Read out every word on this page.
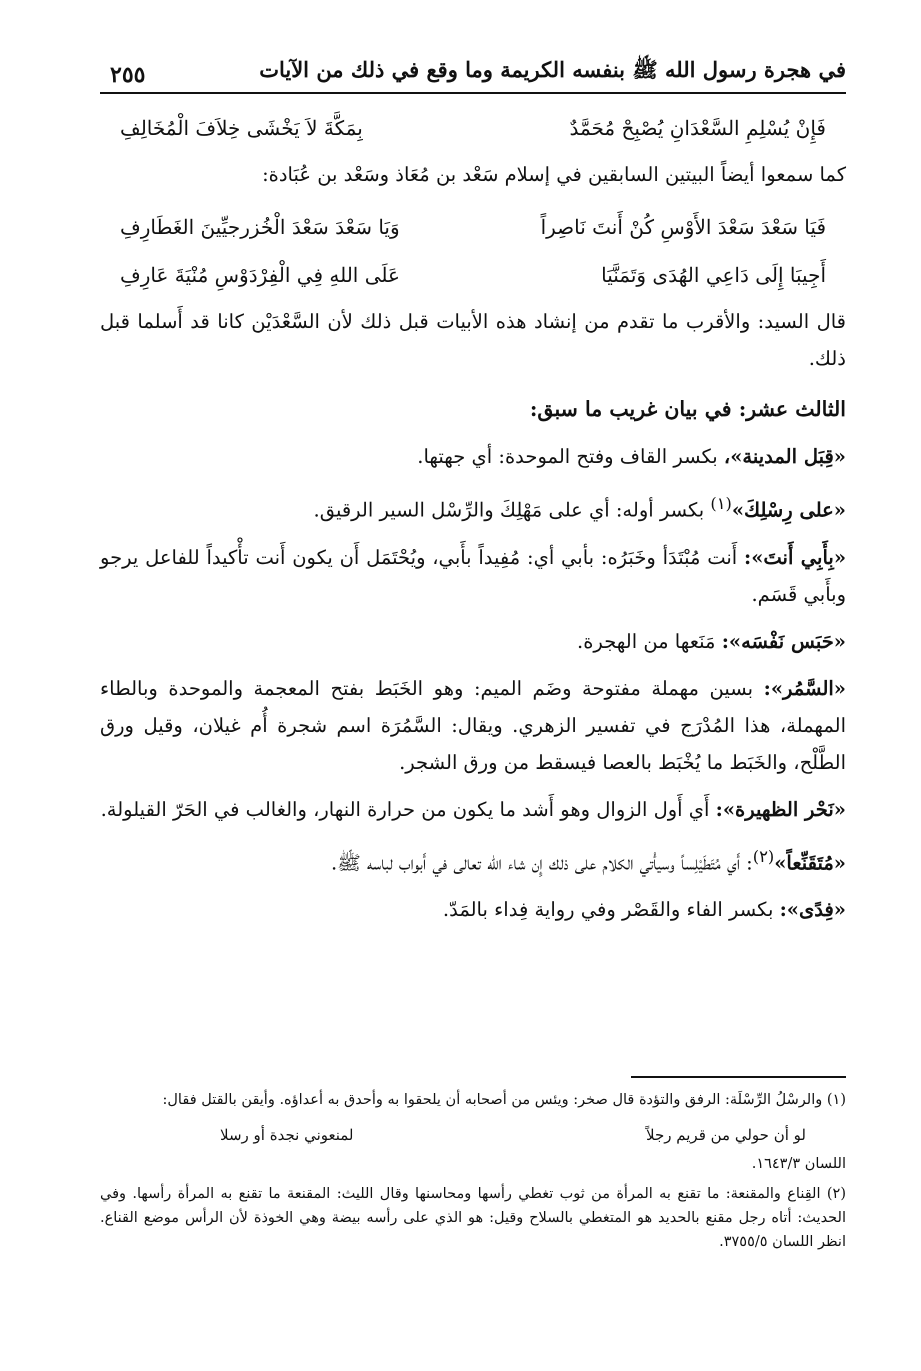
٢٥٥	في هجرة رسول الله ﷺ بنفسه الكريمة وما وقع في ذلك من الآيات
فَإِنْ يُسْلِمِ السَّعْدَانِ يُصْبِحْ مُحَمَّدٌ
بِمَكَّةَ لاَ يَخْشَى خِلاَفَ الْمُخَالِفِ
كما سمعوا أيضاً البيتين السابقين في إسلام سَعْد بن مُعَاذ وسَعْد بن عُبَادة:
فَيَا سَعْدَ سَعْدَ الأَوْسِ كُنْ أَنتَ نَاصِراً
وَيَا سَعْدَ سَعْدَ الْخُزرجيِّينَ الغَطَارِفِ
أَجِيبَا إِلَى دَاعِي الهُدَى وَتَمَنَّيَا
عَلَى اللهِ فِي الْفِرْدَوْسِ مُنْيَةَ عَارِفِ
قال السيد: والأقرب ما تقدم من إنشاد هذه الأبيات قبل ذلك لأن السَّعْدَيْن كانا قد أَسلما قبل ذلك.
الثالث عشر: في بيان غريب ما سبق:
«قِبَل المدينة»، بكسر القاف وفتح الموحدة: أي جهتها.
«على رِسْلِكَ»$^{(١)}$ بكسر أوله: أي على مَهْلِكَ والرِّسْل السير الرقيق.
«بِأَبِي أَنتَ»: أَنت مُبْتَدَأ وخَبَرُه: بأبي أي: مُفِيداً بأَبي، ويُحْتَمَل أَن يكون أَنت تأْكيداً للفاعل يرجو وبأَبي قَسَم.
«حَبَس نَفْسَه»: مَنَعها من الهجرة.
«السَّمُر»: بسين مهملة مفتوحة وضَم الميم: وهو الخَبَط بفتح المعجمة والموحدة وبالطاء المهملة، هذا المُدْرَج في تفسير الزهري. ويقال: السَّمُرَة اسم شجرة أُم غيلان، وقيل ورق الطَّلْح، والخَبَط ما يُخْبَط بالعصا فيسقط من ورق الشجر.
«نَحْر الظهيرة»: أَي أَول الزوال وهو أَشد ما يكون من حرارة النهار، والغالب في الحَرّ القيلولة.
«مُتَقَنِّعاً»$^{(٢)}$: أَي مُتَطَيْلِساً وسيأْتي الكلام على ذلك إِن شاء الله تعالى في أَبواب لباسه ﷺ.
«فِدًى»: بكسر الفاء والقَصْر وفي رواية فِداء بالمَدّ.
(١) والرسْلُ الرِّسْلَة: الرفق والتؤدة قال صخر: ويئس من أصحابه أن يلحقوا به وأحدق به أعداؤه. وأيقن بالقتل فقال:
لو أن حولي من قريم رجلاً
لمنعوني نجدة أو رسلا
اللسان ١٦٤٣/٣.
(٢) القِناع والمقنعة: ما تقنع به المرأة من ثوب تغطي رأسها ومحاسنها وقال الليث: المقنعة ما تقنع به المرأة رأسها. وفي الحديث: أتاه رجل مقنع بالحديد هو المتغطي بالسلاح وقيل: هو الذي على رأسه بيضة وهي الخوذة لأن الرأس موضع القناع. انظر اللسان ٣٧٥٥/٥.
